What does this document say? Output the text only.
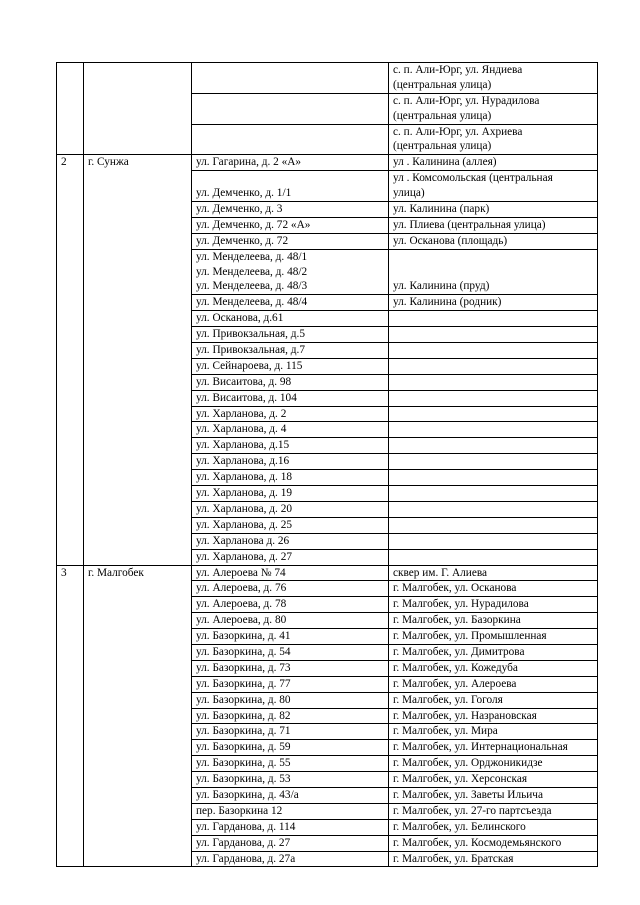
			с. п. Али-Юрг, ул. Яндиева
(центральная улица)

			с. п. Али-Юрг, ул. Нурадилова
(центральная улица)

			с. п. Али-Юрг, ул. Ахриева
(центральная улица)

2	г. Сунжа	ул. Гагарина, д. 2 «А»	ул . Калинина (аллея)

		ул. Демченко, д. 1/1	ул . Комсомольская (центральная
улица)

		ул. Демченко, д. 3	ул. Калинина (парк)

		ул. Демченко, д. 72 «А»	ул. Плиева (центральная улица)

		ул. Демченко, д. 72	ул. Осканова (площадь)

		ул. Менделеева, д. 48/1
ул. Менделеева, д. 48/2
ул. Менделеева, д. 48/3	ул. Калинина (пруд)

		ул. Менделеева, д. 48/4	ул. Калинина (родник)

		ул. Осканова, д.61	

		ул. Привокзальная, д.5	

		ул. Привокзальная, д.7	

		ул. Сейнароева, д. 115	

		ул. Висаитова, д. 98	

		ул. Висаитова, д. 104	

		ул. Харланова, д. 2	

		ул. Харланова, д. 4	

		ул. Харланова, д.15	

		ул. Харланова, д.16	

		ул. Харланова, д. 18	

		ул. Харланова, д. 19	

		ул. Харланова, д. 20	

		ул. Харланова, д. 25	

		ул. Харланова д. 26	

		ул. Харланова, д. 27	

3	г. Малгобек	ул. Алероева № 74	сквер им. Г. Алиева

		ул. Алероева, д. 76	г. Малгобек, ул. Осканова

		ул. Алероева, д. 78	г. Малгобек, ул. Нурадилова

		ул. Алероева, д. 80	г. Малгобек, ул. Базоркина

		ул. Базоркина, д. 41	г. Малгобек, ул. Промышленная

		ул. Базоркина, д. 54	г. Малгобек, ул. Димитрова

		ул. Базоркина, д. 73	г. Малгобек, ул. Кожедуба

		ул. Базоркина, д. 77	г. Малгобек, ул. Алероева

		ул. Базоркина, д. 80	г. Малгобек, ул. Гоголя

		ул. Базоркина, д. 82	г. Малгобек, ул. Назрановская

		ул. Базоркина, д. 71	г. Малгобек, ул. Мира

		ул. Базоркина, д. 59	г. Малгобек, ул. Интернациональная

		ул. Базоркина, д. 55	г. Малгобек, ул. Орджоникидзе

		ул. Базоркина, д. 53	г. Малгобек, ул. Херсонская

		ул. Базоркина, д. 43/а	г. Малгобек, ул. Заветы Ильича

		пер. Базоркина 12	г. Малгобек, ул. 27-го партсъезда

		ул. Гарданова, д. 114	г. Малгобек, ул. Белинского

		ул. Гарданова, д. 27	г. Малгобек, ул. Космодемьянского

		ул. Гарданова, д. 27а	г. Малгобек, ул. Братская
